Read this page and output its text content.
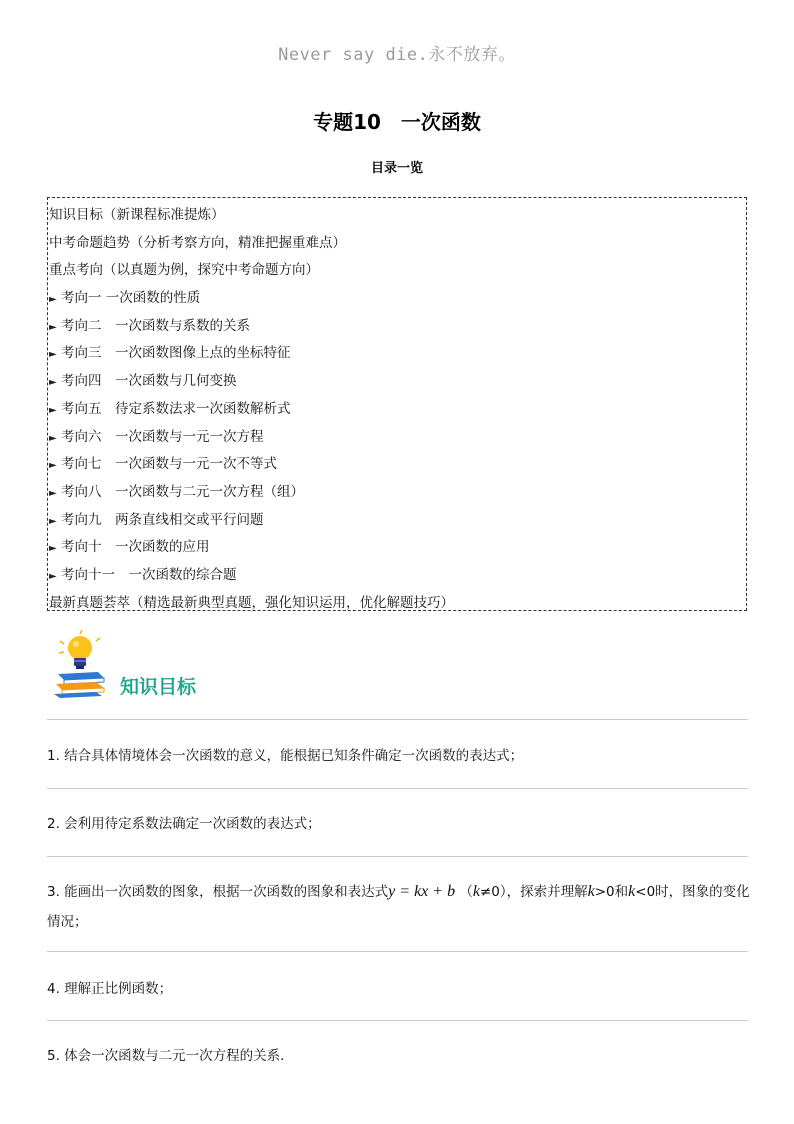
Never say die.永不放弃。
专题10　一次函数
目录一览
知识目标（新课程标准提炼）
中考命题趋势（分析考察方向，精准把握重难点）
重点考向（以真题为例，探究中考命题方向）
► 考向一 一次函数的性质
► 考向二　一次函数与系数的关系
► 考向三　一次函数图像上点的坐标特征
► 考向四　一次函数与几何变换
► 考向五　待定系数法求一次函数解析式
► 考向六　一次函数与一元一次方程
► 考向七　一次函数与一元一次不等式
► 考向八　一次函数与二元一次方程（组）
► 考向九　两条直线相交或平行问题
► 考向十　一次函数的应用
► 考向十一　一次函数的综合题
最新真题荟萃（精选最新典型真题，强化知识运用，优化解题技巧）
知识目标
1. 结合具体情境体会一次函数的意义，能根据已知条件确定一次函数的表达式；
2. 会利用待定系数法确定一次函数的表达式；
3. 能画出一次函数的图象，根据一次函数的图象和表达式y = kx + b （k≠0），探索并理解k>0和k<0时，图象的变化情况；
4. 理解正比例函数；
5. 体会一次函数与二元一次方程的关系．
